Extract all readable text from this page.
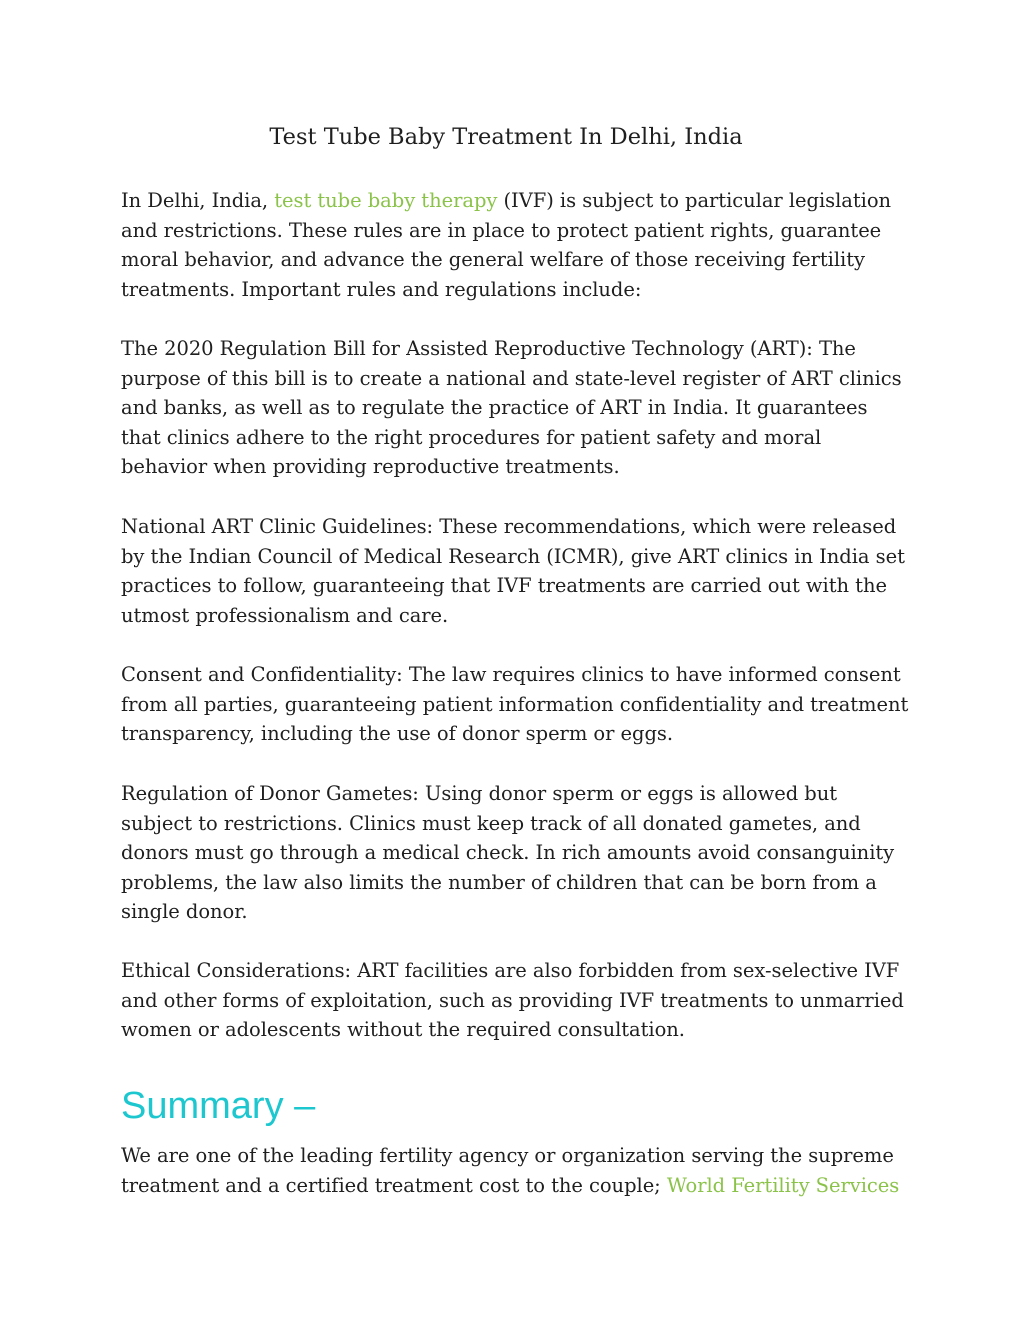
Test Tube Baby Treatment In Delhi, India

In Delhi, India, test tube baby therapy (IVF) is subject to particular legislation and restrictions. These rules are in place to protect patient rights, guarantee moral behavior, and advance the general welfare of those receiving fertility treatments. Important rules and regulations include:

The 2020 Regulation Bill for Assisted Reproductive Technology (ART): The purpose of this bill is to create a national and state-level register of ART clinics and banks, as well as to regulate the practice of ART in India. It guarantees that clinics adhere to the right procedures for patient safety and moral behavior when providing reproductive treatments.

National ART Clinic Guidelines: These recommendations, which were released by the Indian Council of Medical Research (ICMR), give ART clinics in India set practices to follow, guaranteeing that IVF treatments are carried out with the utmost professionalism and care.

Consent and Confidentiality: The law requires clinics to have informed consent from all parties, guaranteeing patient information confidentiality and treatment transparency, including the use of donor sperm or eggs.

Regulation of Donor Gametes: Using donor sperm or eggs is allowed but subject to restrictions. Clinics must keep track of all donated gametes, and donors must go through a medical check. In rich amounts avoid consanguinity problems, the law also limits the number of children that can be born from a single donor.

Ethical Considerations: ART facilities are also forbidden from sex-selective IVF and other forms of exploitation, such as providing IVF treatments to unmarried women or adolescents without the required consultation.

Summary –

We are one of the leading fertility agency or organization serving the supreme treatment and a certified treatment cost to the couple; World Fertility Services
